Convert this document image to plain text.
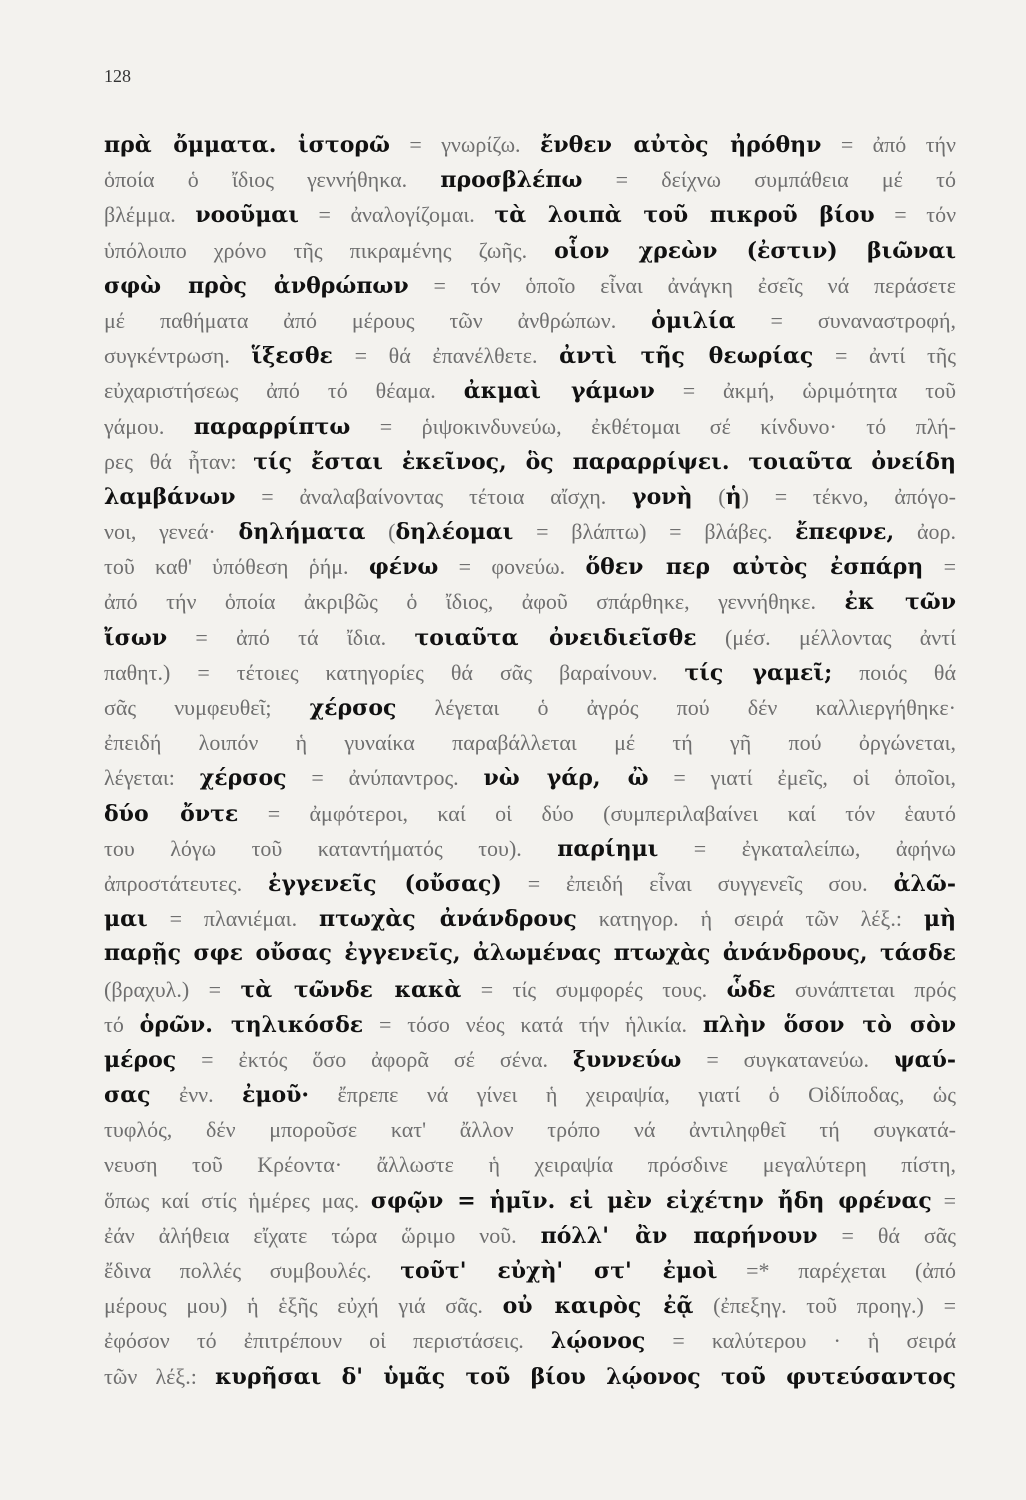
128
πρὰ ὄμματα. ἱστορῶ = γνωρίζω. ἔνθεν αὐτὸς ἠρόθην = ἀπό τήν
ὁποία ὁ ἴδιος γεννήθηκα. προσβλέπω = δείχνω συμπάθεια μέ τό
βλέμμα. νοοῦμαι = ἀναλογίζομαι. τὰ λοιπὰ τοῦ πικροῦ βίου = τόν
ὑπόλοιπο χρόνο τῆς πικραμένης ζωῆς. οἷον χρεὼν (ἐστιν) βιῶναι
σφὼ πρὸς ἀνθρώπων = τόν ὁποῖο εἶναι ἀνάγκη ἐσεῖς νά περάσετε
μέ παθήματα ἀπό μέρους τῶν ἀνθρώπων. ὁμιλία = συναναστροφή,
συγκέντρωση. ἵξεσθε = θά ἐπανέλθετε. ἀντὶ τῆς θεωρίας = ἀντί τῆς
εὐχαριστήσεως ἀπό τό θέαμα. ἀκμαὶ γάμων = ἀκμή, ὡριμότητα τοῦ
γάμου. παραρρίπτω = ῥιψοκινδυνεύω, ἐκθέτομαι σέ κίνδυνο· τό πλή-
ρες θά ἦταν: τίς ἔσται ἐκεῖνος, ὃς παραρρίψει. τοιαῦτα ὀνείδη
λαμβάνων = ἀναλαβαίνοντας τέτοια αἴσχη. γονὴ (ἡ) = τέκνο, ἀπόγο-
νοι, γενεά· δηλήματα (δηλέομαι = βλάπτω) = βλάβες. ἔπεφνε, ἀορ.
τοῦ καθ' ὑπόθεση ῥήμ. φένω = φονεύω. ὅθεν περ αὐτὸς ἐσπάρη =
ἀπό τήν ὁποία ἀκριβῶς ὁ ἴδιος, ἀφοῦ σπάρθηκε, γεννήθηκε. ἐκ τῶν
ἴσων = ἀπό τά ἴδια. τοιαῦτα ὀνειδιεῖσθε (μέσ. μέλλοντας ἀντί
παθητ.) = τέτοιες κατηγορίες θά σᾶς βαραίνουν. τίς γαμεῖ; ποιός θά
σᾶς νυμφευθεῖ; χέρσος λέγεται ὁ ἀγρός πού δέν καλλιεργήθηκε·
ἐπειδή λοιπόν ἡ γυναίκα παραβάλλεται μέ τή γῆ πού ὀργώνεται,
λέγεται: χέρσος = ἀνύπαντρος. νὼ γάρ, ὢ = γιατί ἐμεῖς, οἱ ὁποῖοι,
δύο ὄντε = ἀμφότεροι, καί οἱ δύο (συμπεριλαβαίνει καί τόν ἑαυτό
του λόγω τοῦ καταντήματός του). παρίημι = ἐγκαταλείπω, ἀφήνω
ἀπροστάτευτες. ἐγγενεῖς (οὔσας) = ἐπειδή εἶναι συγγενεῖς σου. ἀλῶ-
μαι = πλανιέμαι. πτωχὰς ἀνάνδρους κατηγορ. ἡ σειρά τῶν λέξ.: μὴ
παρῇς σφε οὔσας ἐγγενεῖς, ἀλωμένας πτωχὰς ἀνάνδρους, τάσδε
(βραχυλ.) = τὰ τῶνδε κακὰ = τίς συμφορές τους. ὧδε συνάπτεται πρός
τό ὁρῶν. τηλικόσδε = τόσο νέος κατά τήν ἡλικία. πλὴν ὅσον τὸ σὸν
μέρος = ἐκτός ὅσο ἀφορᾶ σέ σένα. ξυννεύω = συγκατανεύω. ψαύ-
σας ἐνν. ἐμοῦ· ἔπρεπε νά γίνει ἡ χειραψία, γιατί ὁ Οἰδίποδας, ὡς
τυφλός, δέν μποροῦσε κατ' ἄλλον τρόπο νά ἀντιληφθεῖ τή συγκατά-
νευση τοῦ Κρέοντα· ἄλλωστε ἡ χειραψία πρόσδινε μεγαλύτερη πίστη,
ὅπως καί στίς ἡμέρες μας. σφῷν = ἡμῖν. εἰ μὲν εἰχέτην ἤδη φρένας =
ἐάν ἀλήθεια εἴχατε τώρα ὥριμο νοῦ. πόλλ' ἂν παρήνουν = θά σᾶς
ἔδινα πολλές συμβουλές. τοῦτ' εὐχὴ' στ' ἐμοὶ =* παρέχεται (ἀπό
μέρους μου) ἡ ἑξῆς εὐχή γιά σᾶς. οὐ καιρὸς ἐᾷ (ἐπεξηγ. τοῦ προηγ.) =
ἐφόσον τό ἐπιτρέπουν οἱ περιστάσεις. λῴονος = καλύτερου · ἡ σειρά
τῶν λέξ.: κυρῆσαι δ' ὑμᾶς τοῦ βίου λῴονος τοῦ φυτεύσαντος
